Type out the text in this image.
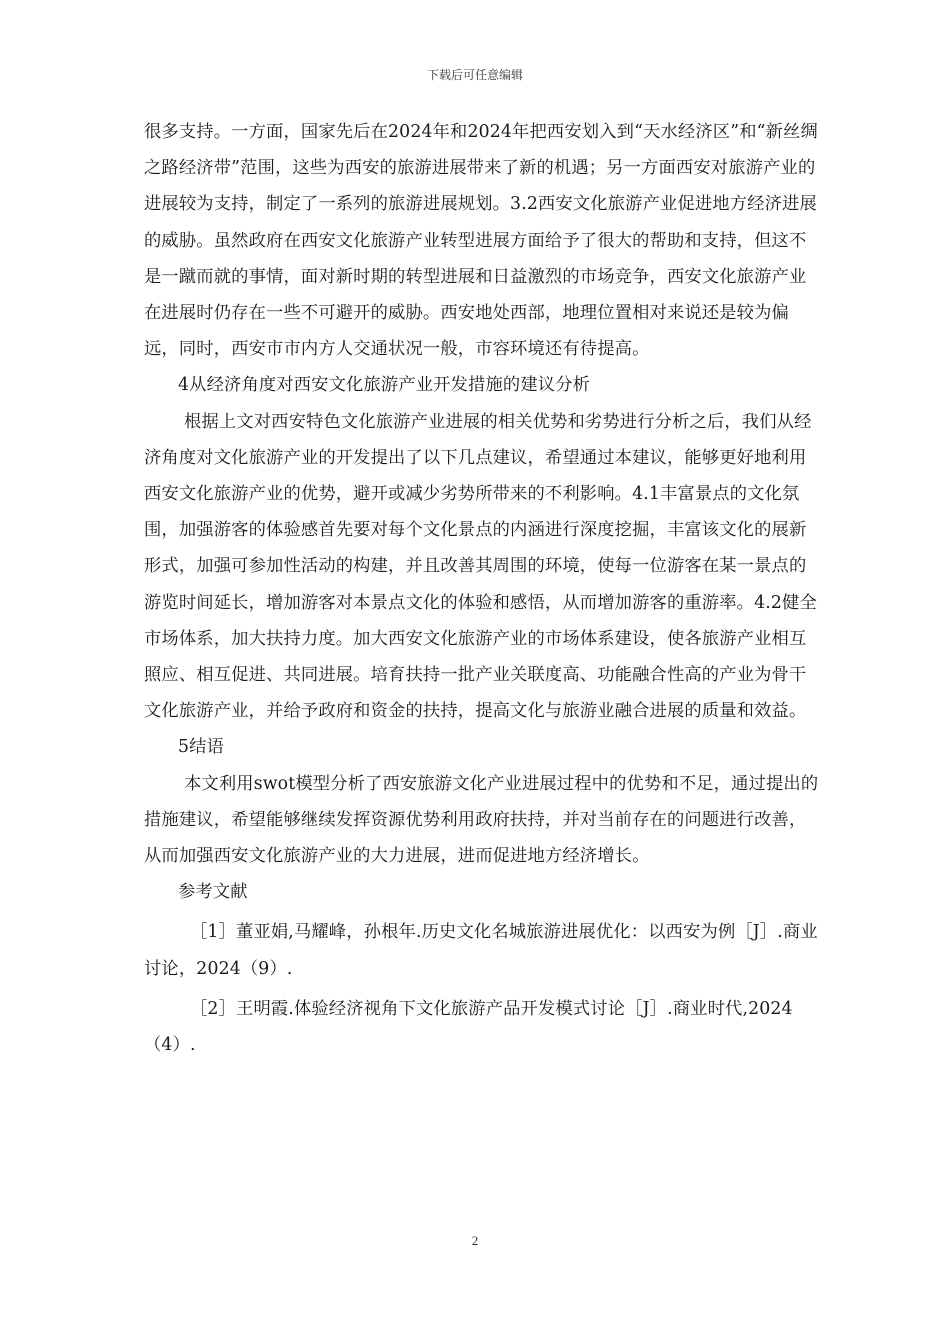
下载后可任意编辑

很多支持。一方面，国家先后在2024年和2024年把西安划入到“天水经济区”和“新丝绸之路经济带”范围，这些为西安的旅游进展带来了新的机遇；另一方面西安对旅游产业的进展较为支持，制定了一系列的旅游进展规划。3.2西安文化旅游产业促进地方经济进展的威胁。虽然政府在西安文化旅游产业转型进展方面给予了很大的帮助和支持，但这不是一蹴而就的事情，面对新时期的转型进展和日益激烈的市场竞争，西安文化旅游产业在进展时仍存在一些不可避开的威胁。西安地处西部，地理位置相对来说还是较为偏远，同时，西安市市内方人交通状况一般，市容环境还有待提高。

4从经济角度对西安文化旅游产业开发措施的建议分析

根据上文对西安特色文化旅游产业进展的相关优势和劣势进行分析之后，我们从经济角度对文化旅游产业的开发提出了以下几点建议，希望通过本建议，能够更好地利用西安文化旅游产业的优势，避开或减少劣势所带来的不利影响。4.1丰富景点的文化氛围，加强游客的体验感首先要对每个文化景点的内涵进行深度挖掘，丰富该文化的展新形式，加强可参加性活动的构建，并且改善其周围的环境，使每一位游客在某一景点的游览时间延长，增加游客对本景点文化的体验和感悟，从而增加游客的重游率。4.2健全市场体系，加大扶持力度。加大西安文化旅游产业的市场体系建设，使各旅游产业相互照应、相互促进、共同进展。培育扶持一批产业关联度高、功能融合性高的产业为骨干文化旅游产业，并给予政府和资金的扶持，提高文化与旅游业融合进展的质量和效益。

5结语

本文利用swot模型分析了西安旅游文化产业进展过程中的优势和不足，通过提出的措施建议，希望能够继续发挥资源优势利用政府扶持，并对当前存在的问题进行改善，从而加强西安文化旅游产业的大力进展，进而促进地方经济增长。

参考文献

［1］董亚娟,马耀峰，孙根年.历史文化名城旅游进展优化：以西安为例［J］.商业讨论，2024（9）.

［2］王明霞.体验经济视角下文化旅游产品开发模式讨论［J］.商业时代,2024（4）.

2
